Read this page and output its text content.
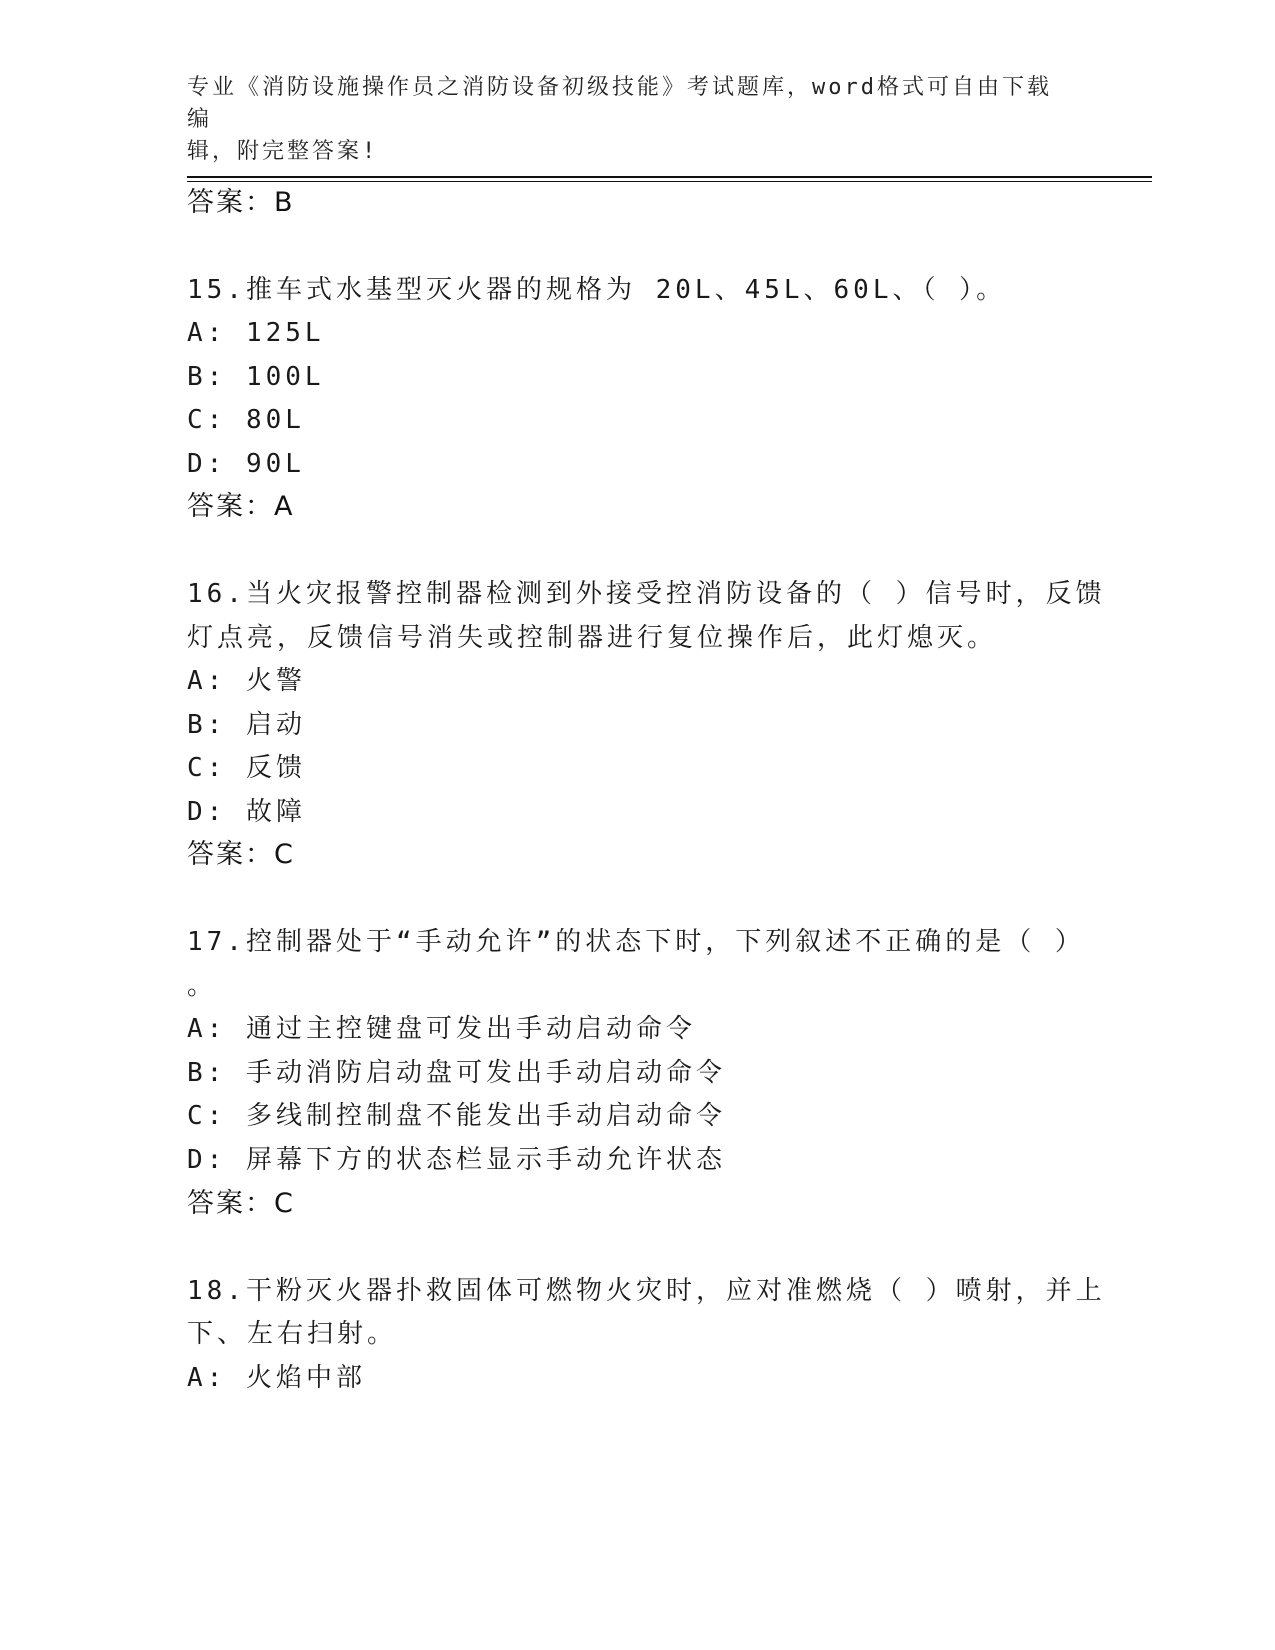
专业《消防设施操作员之消防设备初级技能》考试题库，word格式可自由下载编
辑，附完整答案!
答案：B
15.推车式水基型灭火器的规格为 20L、45L、60L、（ ）。
A: 125L
B: 100L
C: 80L
D: 90L
答案：A
16.当火灾报警控制器检测到外接受控消防设备的（ ）信号时，反馈
灯点亮，反馈信号消失或控制器进行复位操作后，此灯熄灭。
A: 火警
B: 启动
C: 反馈
D: 故障
答案：C
17.控制器处于“手动允许”的状态下时，下列叙述不正确的是（ ）
。
A: 通过主控键盘可发出手动启动命令
B: 手动消防启动盘可发出手动启动命令
C: 多线制控制盘不能发出手动启动命令
D: 屏幕下方的状态栏显示手动允许状态
答案：C
18.干粉灭火器扑救固体可燃物火灾时，应对准燃烧（ ）喷射，并上
下、左右扫射。
A: 火焰中部
